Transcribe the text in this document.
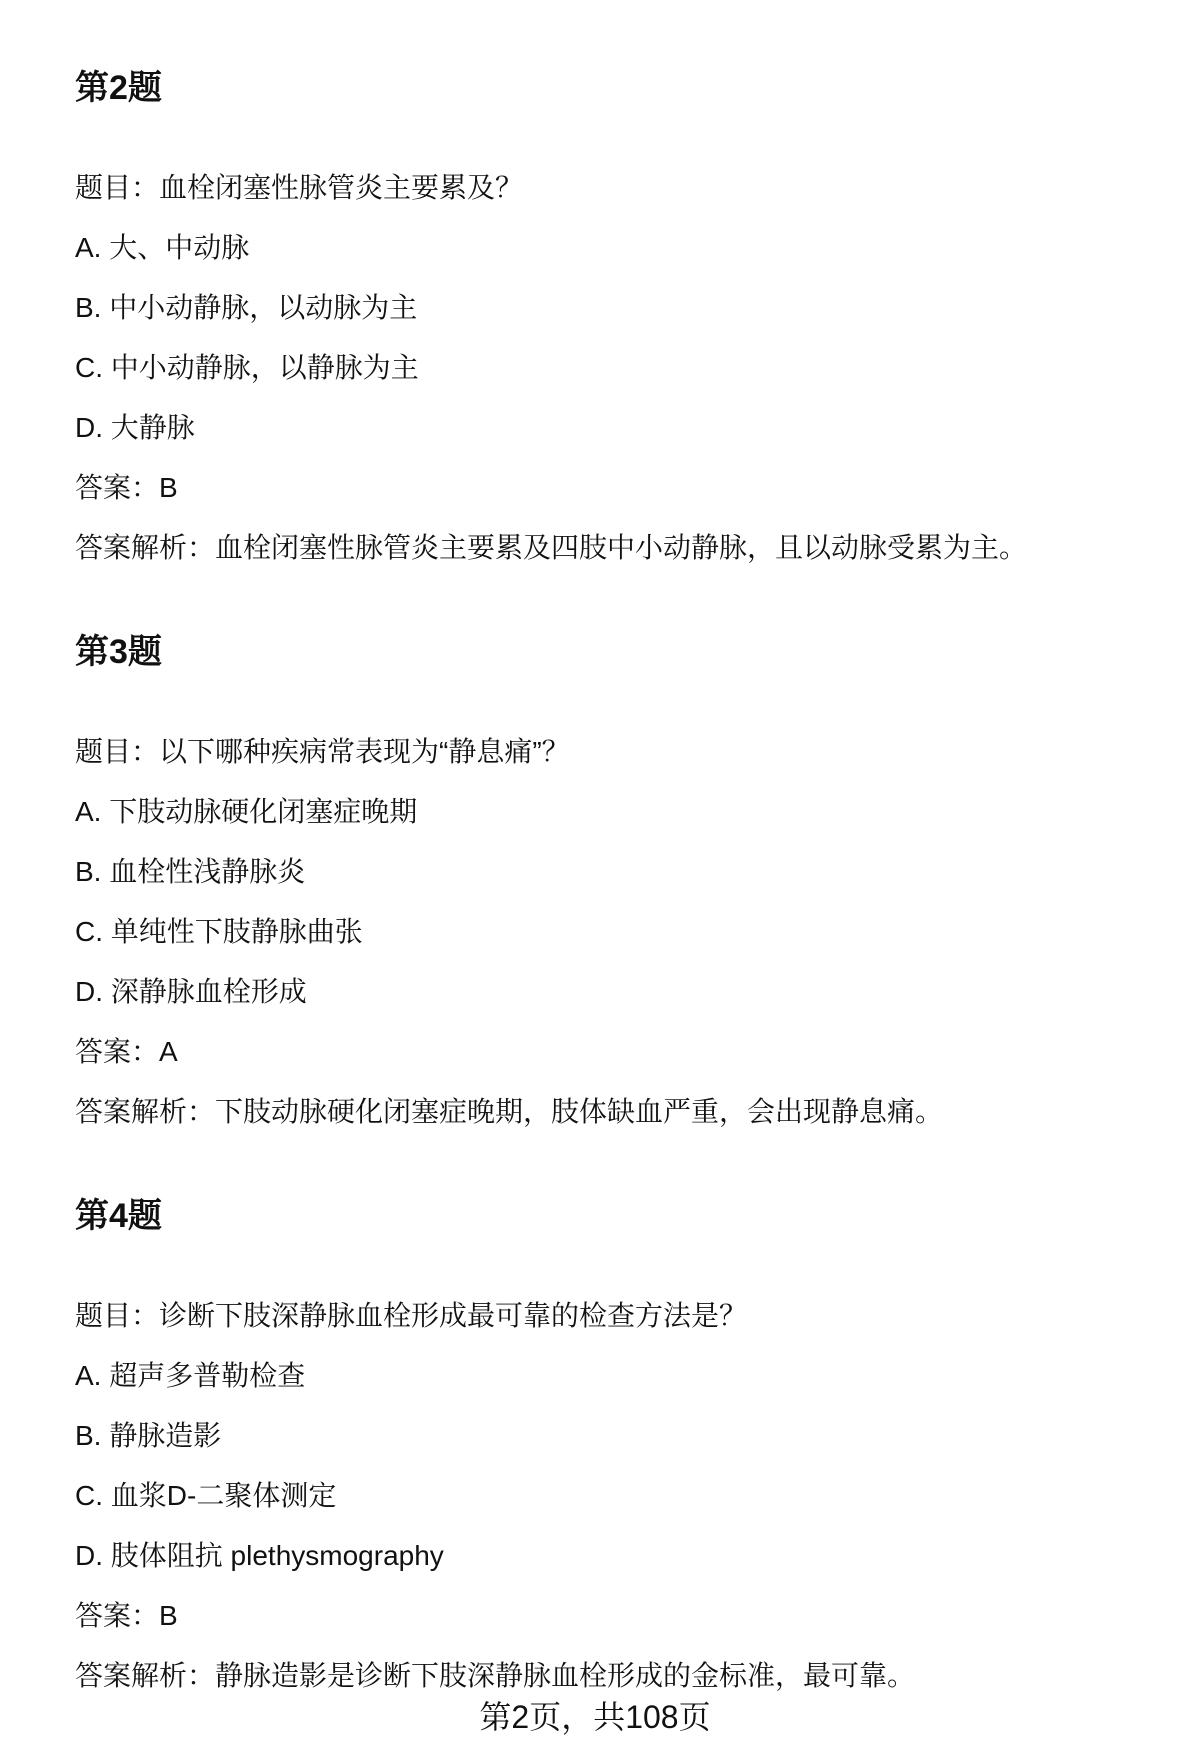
第2题
题目：血栓闭塞性脉管炎主要累及？
A. 大、中动脉
B. 中小动静脉，以动脉为主
C. 中小动静脉，以静脉为主
D. 大静脉
答案：B
答案解析：血栓闭塞性脉管炎主要累及四肢中小动静脉，且以动脉受累为主。
第3题
题目：以下哪种疾病常表现为“静息痛”？
A. 下肢动脉硬化闭塞症晚期
B. 血栓性浅静脉炎
C. 单纯性下肢静脉曲张
D. 深静脉血栓形成
答案：A
答案解析：下肢动脉硬化闭塞症晚期，肢体缺血严重，会出现静息痛。
第4题
题目：诊断下肢深静脉血栓形成最可靠的检查方法是？
A. 超声多普勒检查
B. 静脉造影
C. 血浆D-二聚体测定
D. 肢体阻抗 plethysmography
答案：B
答案解析：静脉造影是诊断下肢深静脉血栓形成的金标准，最可靠。
第2页，共108页
